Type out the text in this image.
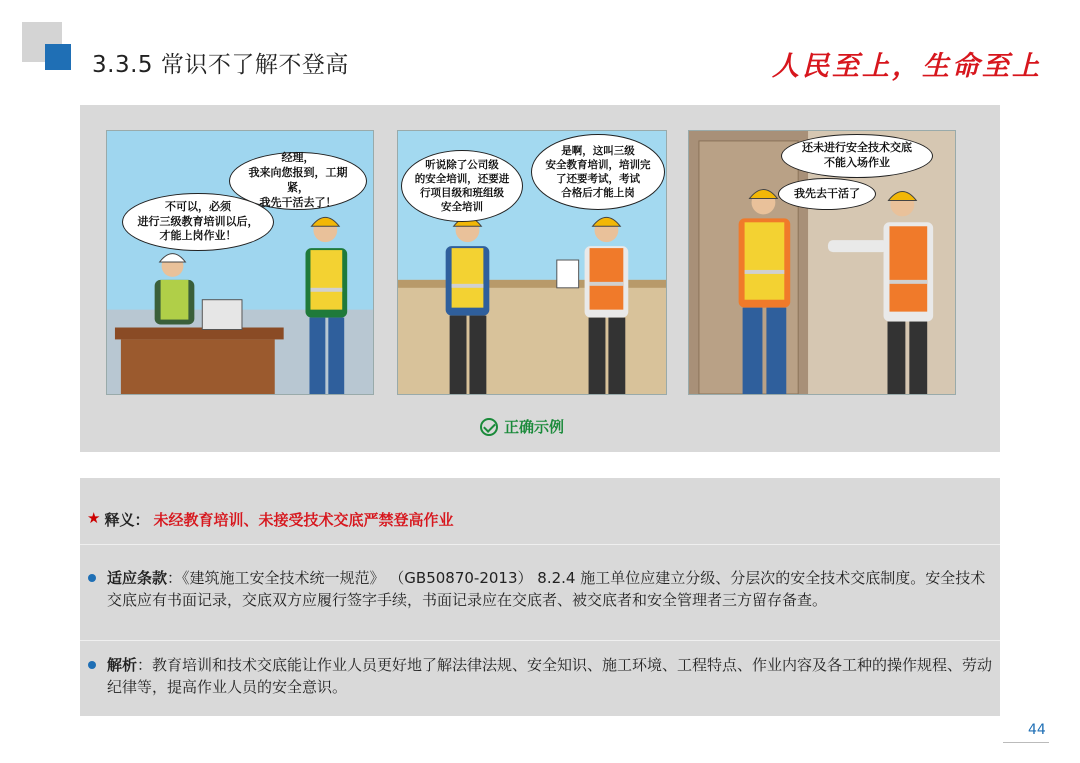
3.3.5 常识不了解不登高	人民至上，生命至上
经理，
我来向您报到，工期紧，
我先干活去了！
不可以，必须
进行三级教育培训以后，
才能上岗作业！
听说除了公司级
的安全培训，还要进
行项目级和班组级
安全培训
是啊，这叫三级
安全教育培训，培训完
了还要考试，考试
合格后才能上岗
还未进行安全技术交底
不能入场作业
我先去干活了
正确示例
★ 释义： 未经教育培训、未接受技术交底严禁登高作业
适应条款：《建筑施工安全技术统一规范》 （GB50870-2013） 8.2.4 施工单位应建立分级、分层次的安全技术交底制度。安全技术交底应有书面记录，交底双方应履行签字手续，书面记录应在交底者、被交底者和安全管理者三方留存备查。
解析：教育培训和技术交底能让作业人员更好地了解法律法规、安全知识、施工环境、工程特点、作业内容及各工种的操作规程、劳动纪律等，提高作业人员的安全意识。
44
